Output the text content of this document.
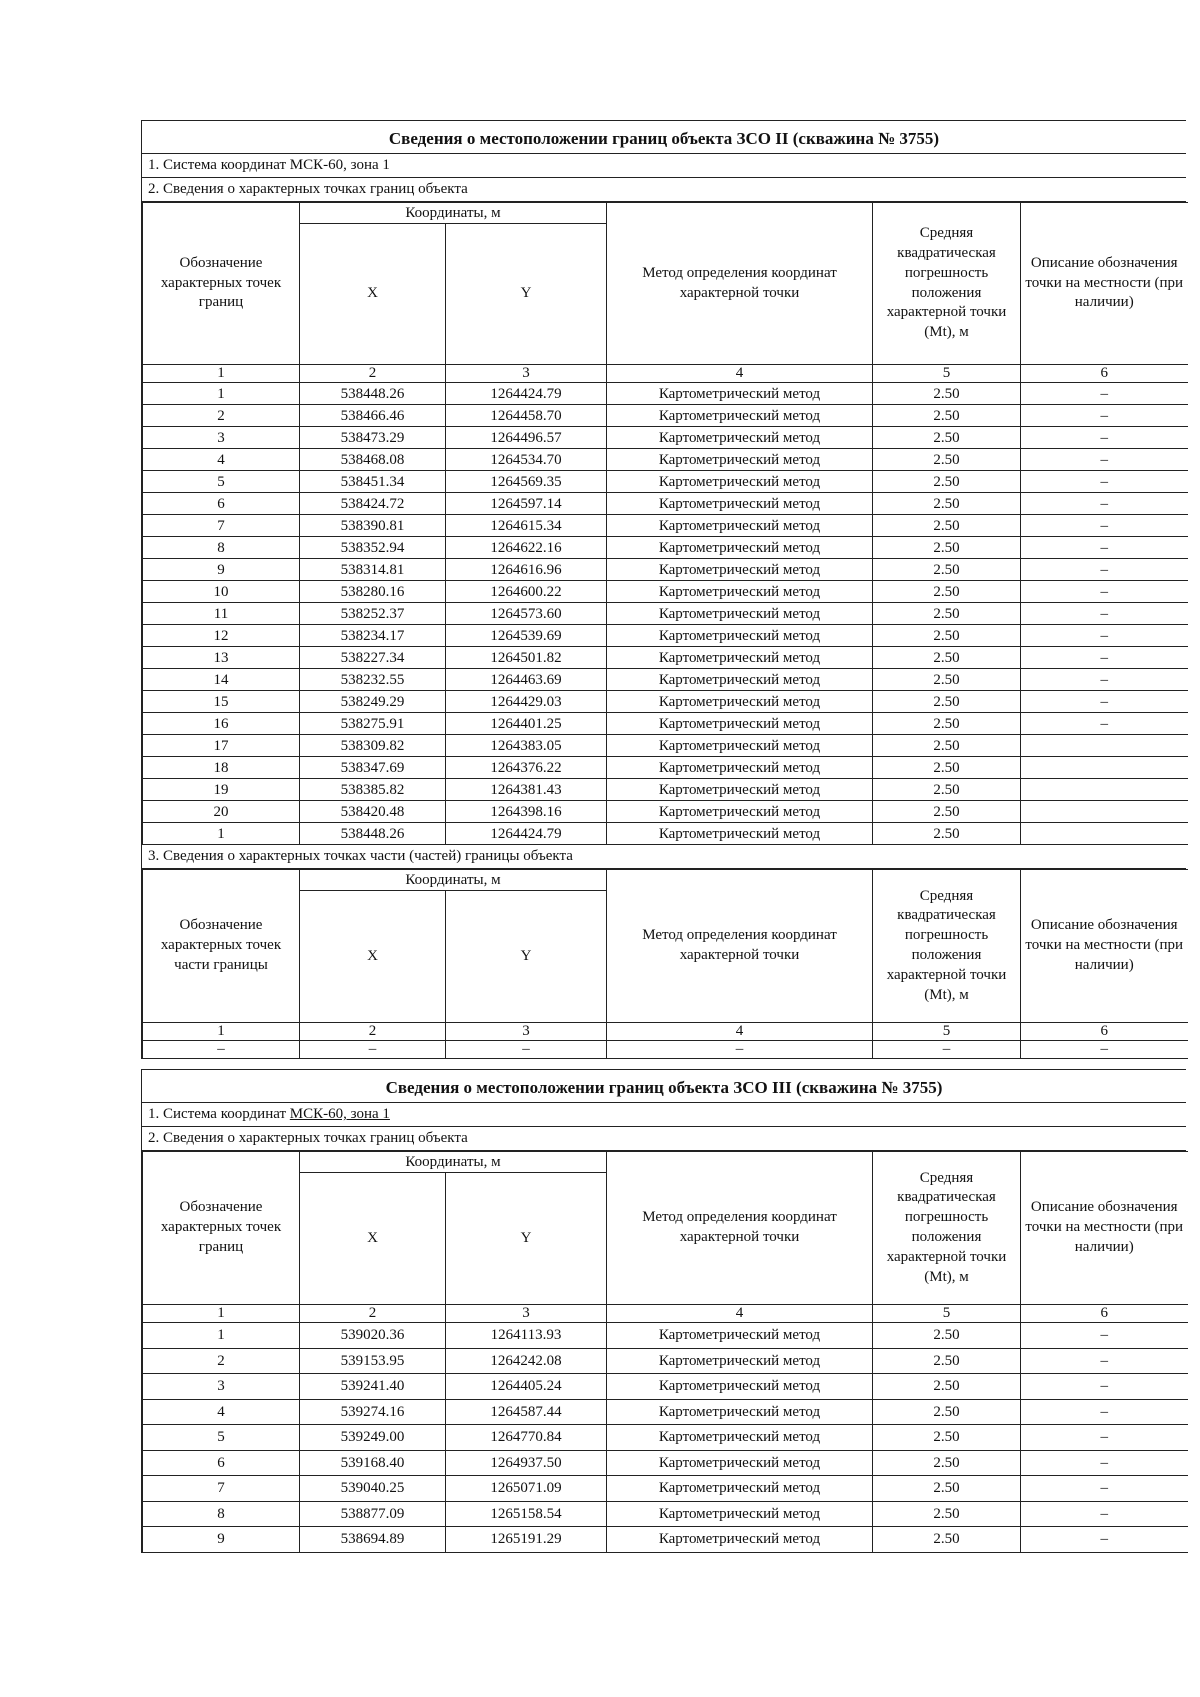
Сведения о местоположении границ объекта ЗСО II (скважина № 3755)
1. Система координат МСК-60, зона 1
2. Сведения о характерных точках границ объекта
Обозначение характерных точек границ	Координаты, м		Метод определения координат характерной точки	Средняя квадратическая погрешность положения характерной точки (Mt), м	Описание обозначения точки на местности (при наличии)
	X	Y			
1	2	3	4	5	6
1	538448.26	1264424.79	Картометрический метод	2.50	–
2	538466.46	1264458.70	Картометрический метод	2.50	–
3	538473.29	1264496.57	Картометрический метод	2.50	–
4	538468.08	1264534.70	Картометрический метод	2.50	–
5	538451.34	1264569.35	Картометрический метод	2.50	–
6	538424.72	1264597.14	Картометрический метод	2.50	–
7	538390.81	1264615.34	Картометрический метод	2.50	–
8	538352.94	1264622.16	Картометрический метод	2.50	–
9	538314.81	1264616.96	Картометрический метод	2.50	–
10	538280.16	1264600.22	Картометрический метод	2.50	–
11	538252.37	1264573.60	Картометрический метод	2.50	–
12	538234.17	1264539.69	Картометрический метод	2.50	–
13	538227.34	1264501.82	Картометрический метод	2.50	–
14	538232.55	1264463.69	Картометрический метод	2.50	–
15	538249.29	1264429.03	Картометрический метод	2.50	–
16	538275.91	1264401.25	Картометрический метод	2.50	–
17	538309.82	1264383.05	Картометрический метод	2.50	
18	538347.69	1264376.22	Картометрический метод	2.50	
19	538385.82	1264381.43	Картометрический метод	2.50	
20	538420.48	1264398.16	Картометрический метод	2.50	
1	538448.26	1264424.79	Картометрический метод	2.50	
3. Сведения о характерных точках части (частей) границы объекта
Обозначение характерных точек части границы	Координаты, м		Метод определения координат характерной точки	Средняя квадратическая погрешность положения характерной точки (Mt), м	Описание обозначения точки на местности (при наличии)
	X	Y			
1	2	3	4	5	6
–	–	–	–	–	–
Сведения о местоположении границ объекта ЗСО III (скважина № 3755)
1. Система координат МСК-60, зона 1
2. Сведения о характерных точках границ объекта
Обозначение характерных точек границ	Координаты, м		Метод определения координат характерной точки	Средняя квадратическая погрешность положения характерной точки (Mt), м	Описание обозначения точки на местности (при наличии)
	X	Y			
1	2	3	4	5	6
1	539020.36	1264113.93	Картометрический метод	2.50	–
2	539153.95	1264242.08	Картометрический метод	2.50	–
3	539241.40	1264405.24	Картометрический метод	2.50	–
4	539274.16	1264587.44	Картометрический метод	2.50	–
5	539249.00	1264770.84	Картометрический метод	2.50	–
6	539168.40	1264937.50	Картометрический метод	2.50	–
7	539040.25	1265071.09	Картометрический метод	2.50	–
8	538877.09	1265158.54	Картометрический метод	2.50	–
9	538694.89	1265191.29	Картометрический метод	2.50	–
